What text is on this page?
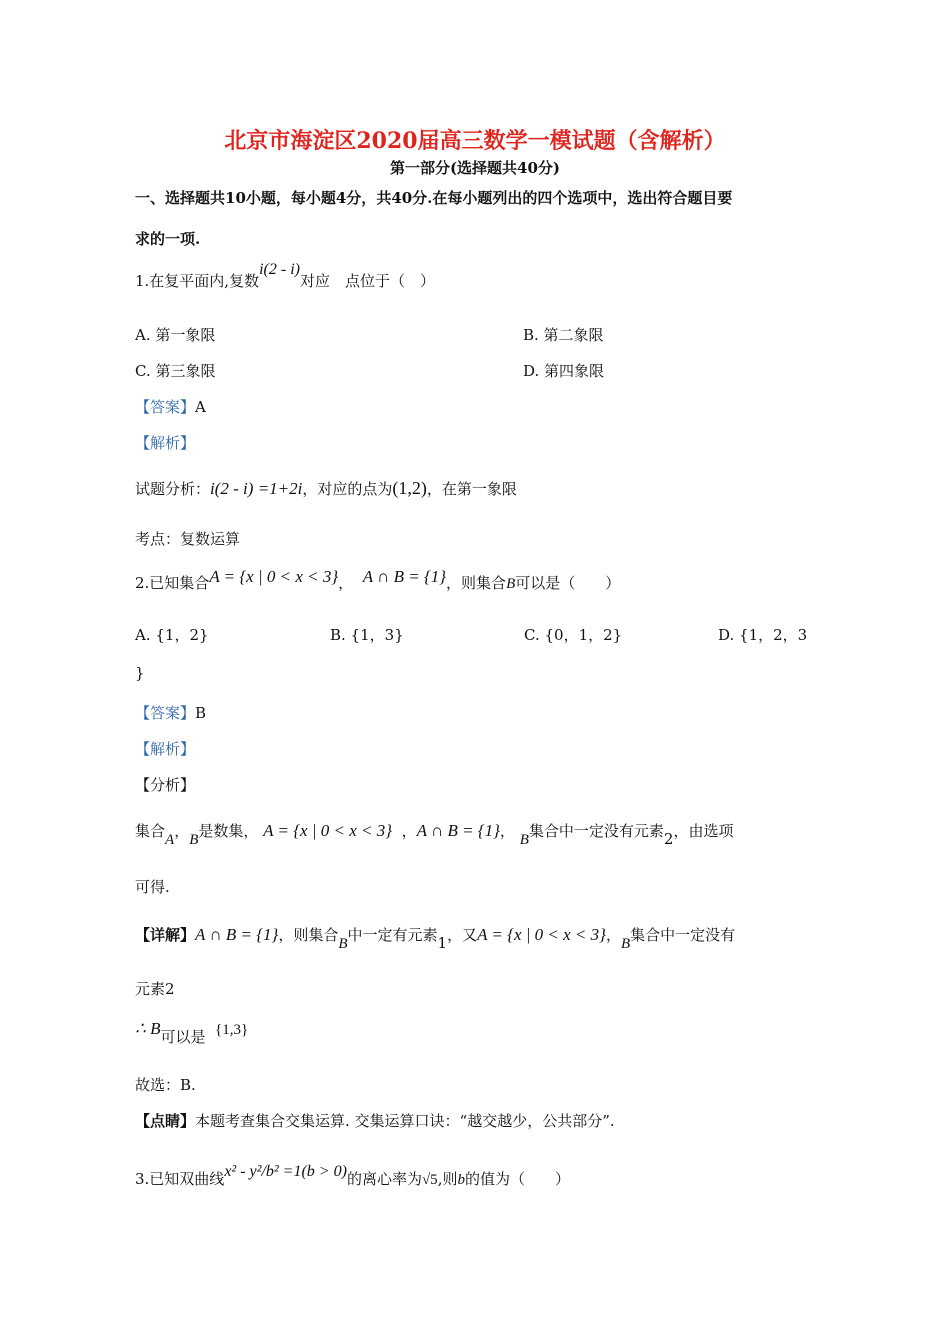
北京市海淀区2020届高三数学一模试题（含解析）
第一部分(选择题共40分)
一、选择题共10小题，每小题4分，共40分.在每小题列出的四个选项中，选出符合题目要
求的一项.
1.在复平面内,复数i(2 - i)对应　点位于（　）
A. 第一象限	B. 第二象限
C. 第三象限	D. 第四象限
【答案】A
【解析】
试题分析：i(2 - i) =1+2i，对应的点为(1,2)，在第一象限
考点：复数运算
2.已知集合A = {x | 0 < x < 3}， A ∩ B = {1}，则集合B可以是（　　）
A. {1，2}	B. {1，3}	C. {0，1，2}	D. {1，2，3
}
【答案】B
【解析】
【分析】
集合A，B是数集， A = {x | 0 < x < 3} ，A ∩ B = {1}， B集合中一定没有元素2，由选项
可得.
【详解】A ∩ B = {1}，则集合B中一定有元素1，又A = {x | 0 < x < 3}，B集合中一定没有
元素2
∴ B可以是 {1,3}
故选：B.
【点睛】本题考查集合交集运算. 交集运算口诀：“越交越少，公共部分”.
3.已知双曲线x² - y²/b² =1(b > 0)的离心率为√5,则b的值为（　　）
